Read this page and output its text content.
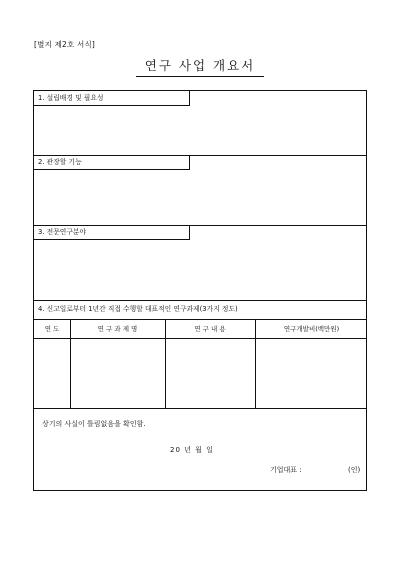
[별지 제2호 서식]
연구 사업 개요서
1. 설립배경 및 필요성
2. 관장할 기능
3. 전문연구분야
4. 신고일로부터 1년간 직접 수행할 대표적인 연구과제(3가지 정도)
연 도	연 구 과 제 명	연 구 내 용	연구개발비(백만원)
상기의 사실이 틀림없음을 확인함.
20 년 월 일
기업대표 :	(인)
